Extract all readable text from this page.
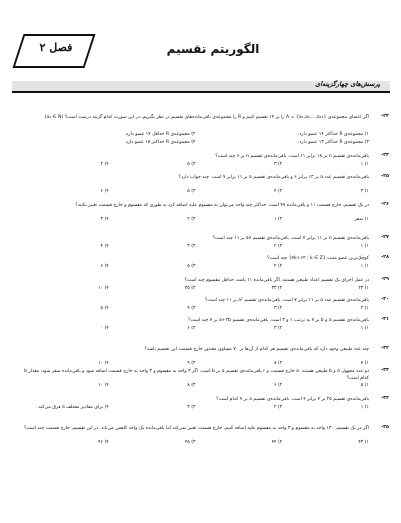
فصل ۲	الگوریتم تقسیم
پرسش‌های چهارگزینه‌ای
-۲۳
اگر اعضای مجموعه‌ی {a₁,a₂,...,a₁₄} = A را بر ۱۴ تقسیم کنیم و R را مجموعه‌ی باقی‌مانده‌های تقسیم در نظر بگیریم، در این صورت کدام گزینه درست است؟ (a₁ ∈ N)
۱) مجموعه‌ی R حداکثر ۱۴ عضو دارد.
۲) مجموعه‌ی R حداقل ۱۴ عضو دارد.
۳) مجموعه‌ی R حداکثر ۱۳ عضو دارد.
۴) مجموعه‌ی R حداکثر ۱۵ عضو دارد.
-۲۴
باقی‌مانده‌ی تقسیم n بر ۱۸ برابر ۱۱ است. باقی‌مانده‌ی تقسیم n بر ۶ چند است؟
۱) ۱
۲) ۳
۳) ۵
۴) ۲
-۲۵
باقی‌مانده‌ی تقسیم عدد a بر ۱۳ برابر ۶ و باقی‌مانده‌ی تقسیم a بر ۱۱ برابر ۷ است. چند جواب دارد؟
۱) ۳
۲) ۴
۳) ۵
۴) ۶
-۲۶
در یک تقسیم، خارج قسمت ۱۱ و باقی‌مانده ۴۷ است. حداکثر چند واحد می‌توان به مقسوم علیه اضافه کرد به طوری که مقسوم و خارج قسمت تغییر نکنند؟
۱) صفر
۲) ۱
۳) ۲
۴) ۳
-۲۷
باقی‌مانده‌ی تقسیم n بر ۱۱ برابر ۷ است. باقی‌مانده‌ی تقسیم ۵n بر ۱۱ چند است؟
۱) ۱
۲) ۲
۳) ۳
۴) ۴
-۲۸
کوچک‌ترین عضو مثبت {۷k+۶۲ : k ∈ Z} چند است؟
۱) ۱
۲) ۲
۳) ۵
۴) ۶
-۲۹
در عمل اجرای یک تقسیم اعداد طبیعی هستند. اگر باقی‌مانده ۱۱ باشد، حداقل مقسوم چند است؟
۱) ۲۳
۲) ۳۳
۳) ۳۵
۴) ۱۰
-۳۰
باقی‌مانده‌ی تقسیم عدد a بر ۱۱ برابر ۷ است. باقی‌مانده‌ی تقسیم a² بر ۱۱ چند است؟
۱) ۲
۲) ۳
۳) ۴
۴) ۵
-۳۱
باقی‌مانده‌ی تقسیم a و b بر ۷ به ترتیب ۱ و ۳ است. باقی‌مانده‌ی تقسیم a+۳b بر ۷ چند است؟
۱) ۱
۲) ۳
۳) ۶
۴) ۰
-۳۲
چند عدد طبیعی وجود دارد که باقی‌مانده‌ی تقسیم هر کدام از آن‌ها بر ۷۰ مساوی مجذور خارج قسمت این تقسیم باشد؟
۱) ۷
۲) ۸
۳) ۹
۴) ۱۰
-۳۳
دو عدد مجهول a و b طبیعی هستند. a خارج قسمت و r باقی‌مانده‌ی تقسیم a بر b است. اگر ۳ واحد به مقسوم و ۳ واحد به خارج قسمت اضافه شود و باقی‌مانده صفر شود، مقدار b کدام است؟
۱) ۵
۲) ۶
۳) ۸
۴) ۱۰
-۳۴
باقی‌مانده‌ی تقسیم ۲۵ بر ۷ برابر ۴ است. باقی‌مانده‌ی تقسیم a بر ۷ کدام است؟
۱) ۱
۲) ۲
۳) ۳
۴) برای مقادیر مختلف a فرق می‌کند.
-۳۵
اگر در یک تقسیم، ۱۳۰ واحد به مقسوم و ۳ واحد به مقسوم علیه اضافه کنیم، خارج قسمت تغییر نمی‌کند اما باقی‌مانده یک واحد کاهش می‌یابد. در این تقسیم، خارج قسمت چند است؟
۱) ۴۳
۲) ۴۴
۳) ۴۵
۴) ۴۶
